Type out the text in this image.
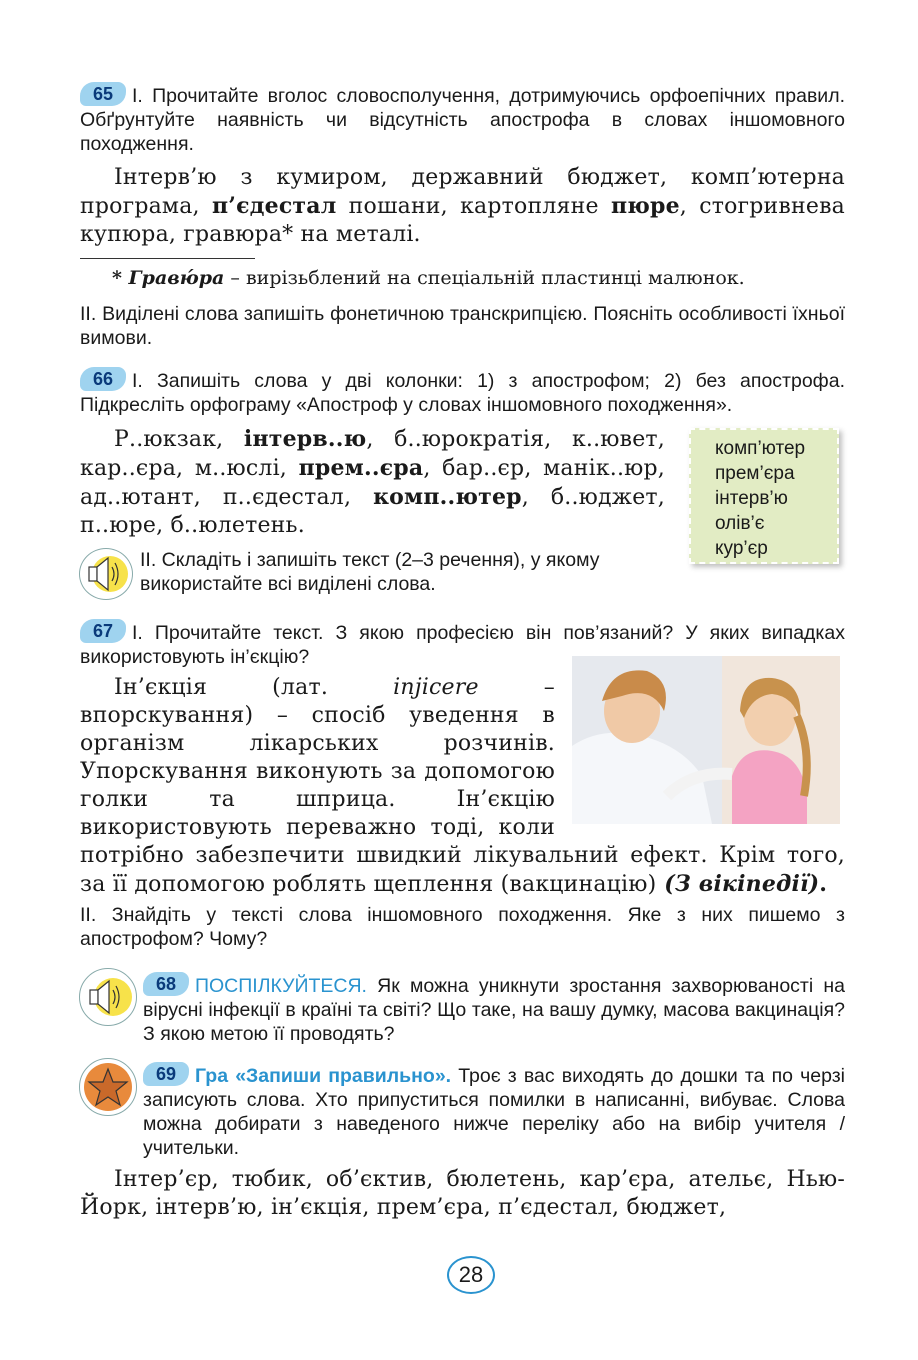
65 І. Прочитайте вголос словосполучення, дотримуючись орфоепічних правил. Обґрунтуйте наявність чи відсутність апострофа в словах іншомовного походження.

Інтерв’ю з кумиром, державний бюджет, комп’ютерна програма, п’єдестал пошани, картопляне пюре, стогривнева купюра, гравюра* на металі.

* Гравю́ра – вирізьблений на спеціальній пластинці малюнок.

ІІ. Виділені слова запишіть фонетичною транскрипцією. Поясніть особливості їхньої вимови.

66 І. Запишіть слова у дві колонки: 1) з апострофом; 2) без апострофа. Підкресліть орфограму «Апостроф у словах іншомовного походження».

Р..юкзак, інтерв..ю, б..юрократія, к..ювет, кар..єра, м..юслі, прем..єра, бар..єр, манік..юр, ад..ютант, п..єдестал, комп..ютер, б..юджет, п..юре, б..юлетень.

комп’ютер
прем’єра
інтерв’ю
олів’є
кур’єр

ІІ. Складіть і запишіть текст (2–3 речення), у якому використайте всі виділені слова.

67 І. Прочитайте текст. З якою професією він пов’язаний? У яких випадках використовують ін’єкцію?

Ін’єкція (лат.	injicere – впорскування) – спосіб уведення в організм лікарських розчинів. Упорскування виконують за допомогою голки та шприца. Ін’єкцію використовують переважно тоді, коли потрібно забезпечити швидкий лікувальний ефект. Крім того, за її допомогою роблять щеплення (вакцинацію) (З вікіпедії).

ІІ. Знайдіть у тексті слова іншомовного походження. Яке з них пишемо з апострофом? Чому?

68 ПОСПІЛКУЙТЕСЯ. Як можна уникнути зростання захворюваності на вірусні інфекції в країні та світі? Що таке, на вашу думку, масова вакцинація? З якою метою її проводять?

69 Гра «Запиши правильно». Троє з вас виходять до дошки та по черзі записують слова. Хто припуститься помилки в написанні, вибуває. Слова можна добирати з наведеного нижче переліку або на вибір учителя / учительки.

Інтер’єр, тюбик, об’єктив, бюлетень, кар’єра, ательє, Нью-Йорк, інтерв’ю, ін’єкція, прем’єра, п’єдестал, бюджет,

28
